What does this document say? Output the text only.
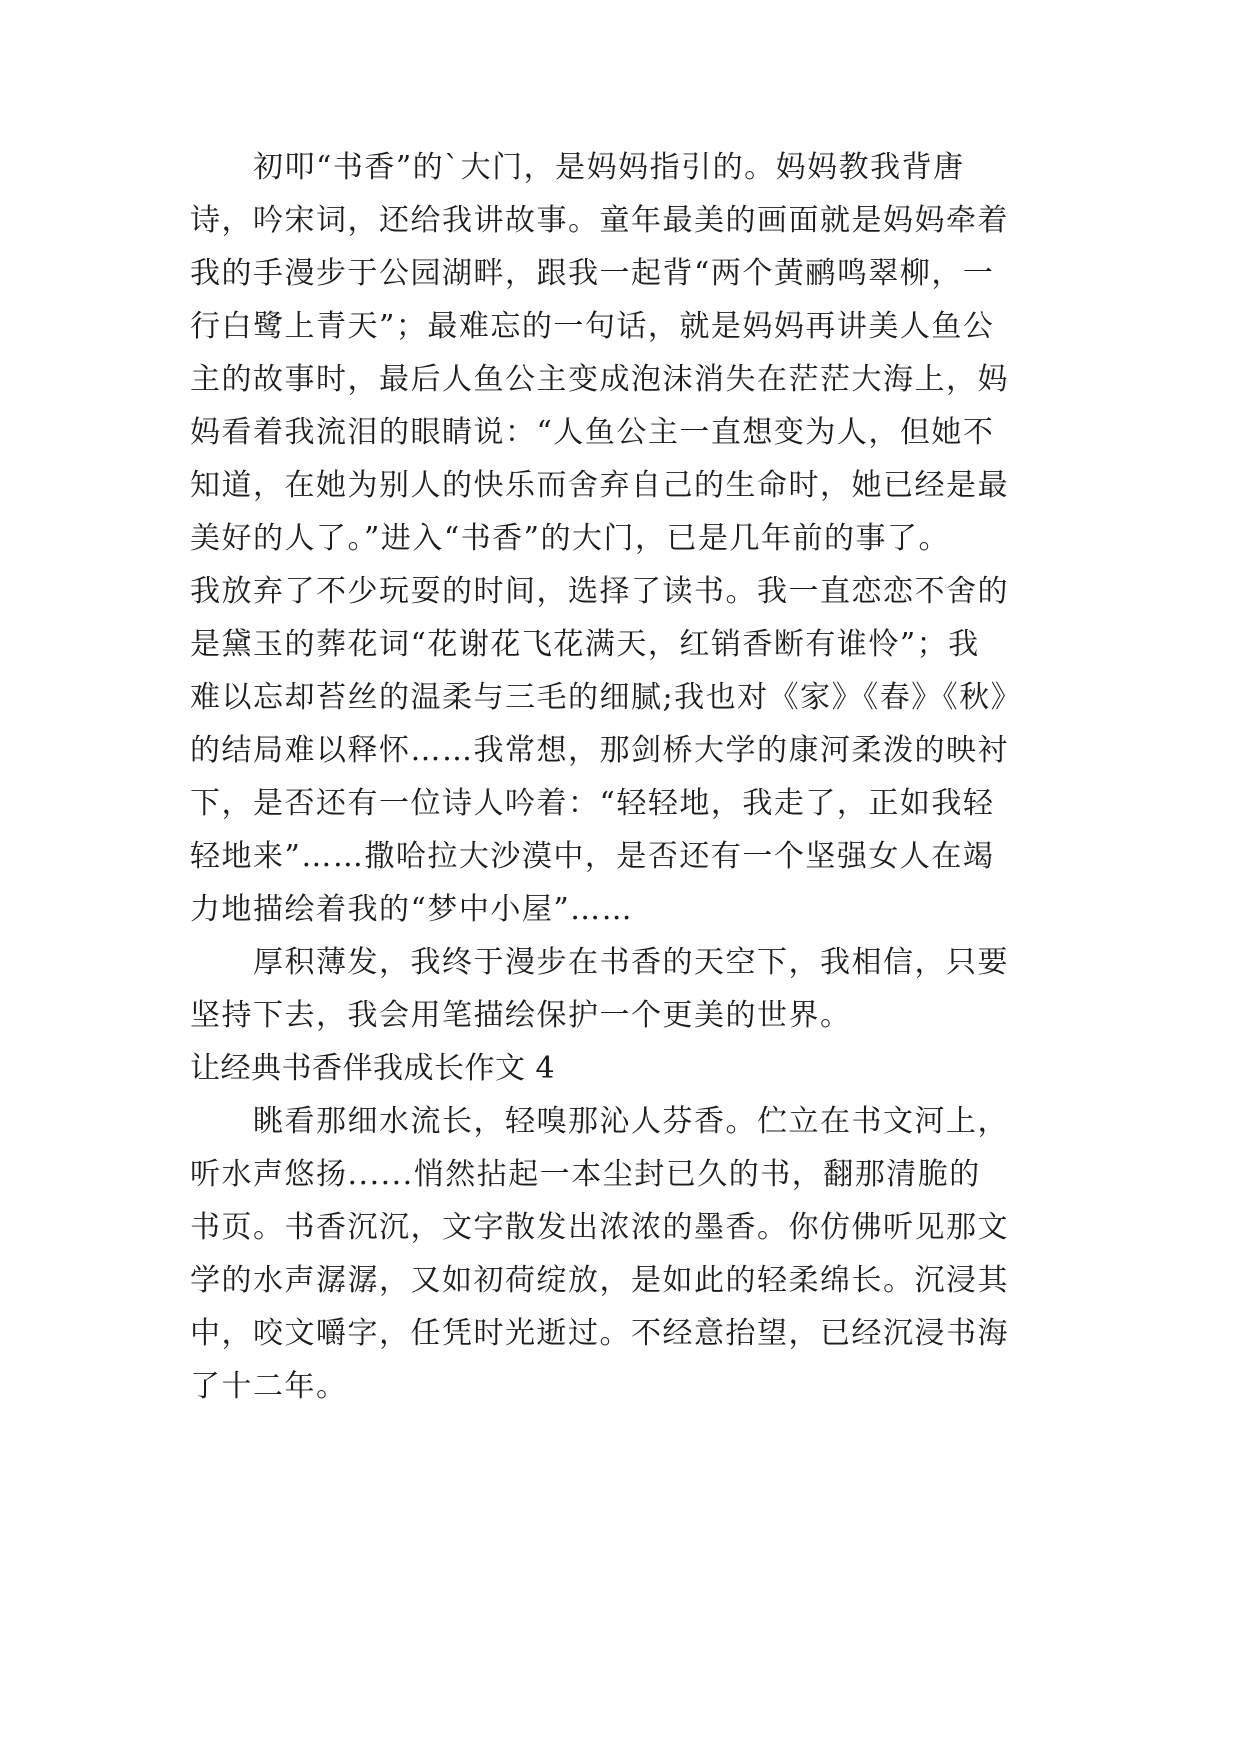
　　初叩“书香”的`大门，是妈妈指引的。妈妈教我背唐

诗，吟宋词，还给我讲故事。童年最美的画面就是妈妈牵着

我的手漫步于公园湖畔，跟我一起背“两个黄鹂鸣翠柳，一

行白鹭上青天”；最难忘的一句话，就是妈妈再讲美人鱼公

主的故事时，最后人鱼公主变成泡沫消失在茫茫大海上，妈

妈看着我流泪的眼睛说：“人鱼公主一直想变为人，但她不

知道，在她为别人的快乐而舍弃自己的生命时，她已经是最

美好的人了。”进入“书香”的大门，已是几年前的事了。

我放弃了不少玩耍的时间，选择了读书。我一直恋恋不舍的

是黛玉的葬花词“花谢花飞花满天，红销香断有谁怜”；我

难以忘却苔丝的温柔与三毛的细腻;我也对《家》《春》《秋》

的结局难以释怀……我常想，那剑桥大学的康河柔泼的映衬

下，是否还有一位诗人吟着：“轻轻地，我走了，正如我轻

轻地来”……撒哈拉大沙漠中，是否还有一个坚强女人在竭

力地描绘着我的“梦中小屋”……

　　厚积薄发，我终于漫步在书香的天空下，我相信，只要

坚持下去，我会用笔描绘保护一个更美的世界。

让经典书香伴我成长作文 4

　　眺看那细水流长，轻嗅那沁人芬香。伫立在书文河上，

听水声悠扬......悄然拈起一本尘封已久的书，翻那清脆的

书页。书香沉沉，文字散发出浓浓的墨香。你仿佛听见那文

学的水声潺潺，又如初荷绽放，是如此的轻柔绵长。沉浸其

中，咬文嚼字，任凭时光逝过。不经意抬望，已经沉浸书海

了十二年。
